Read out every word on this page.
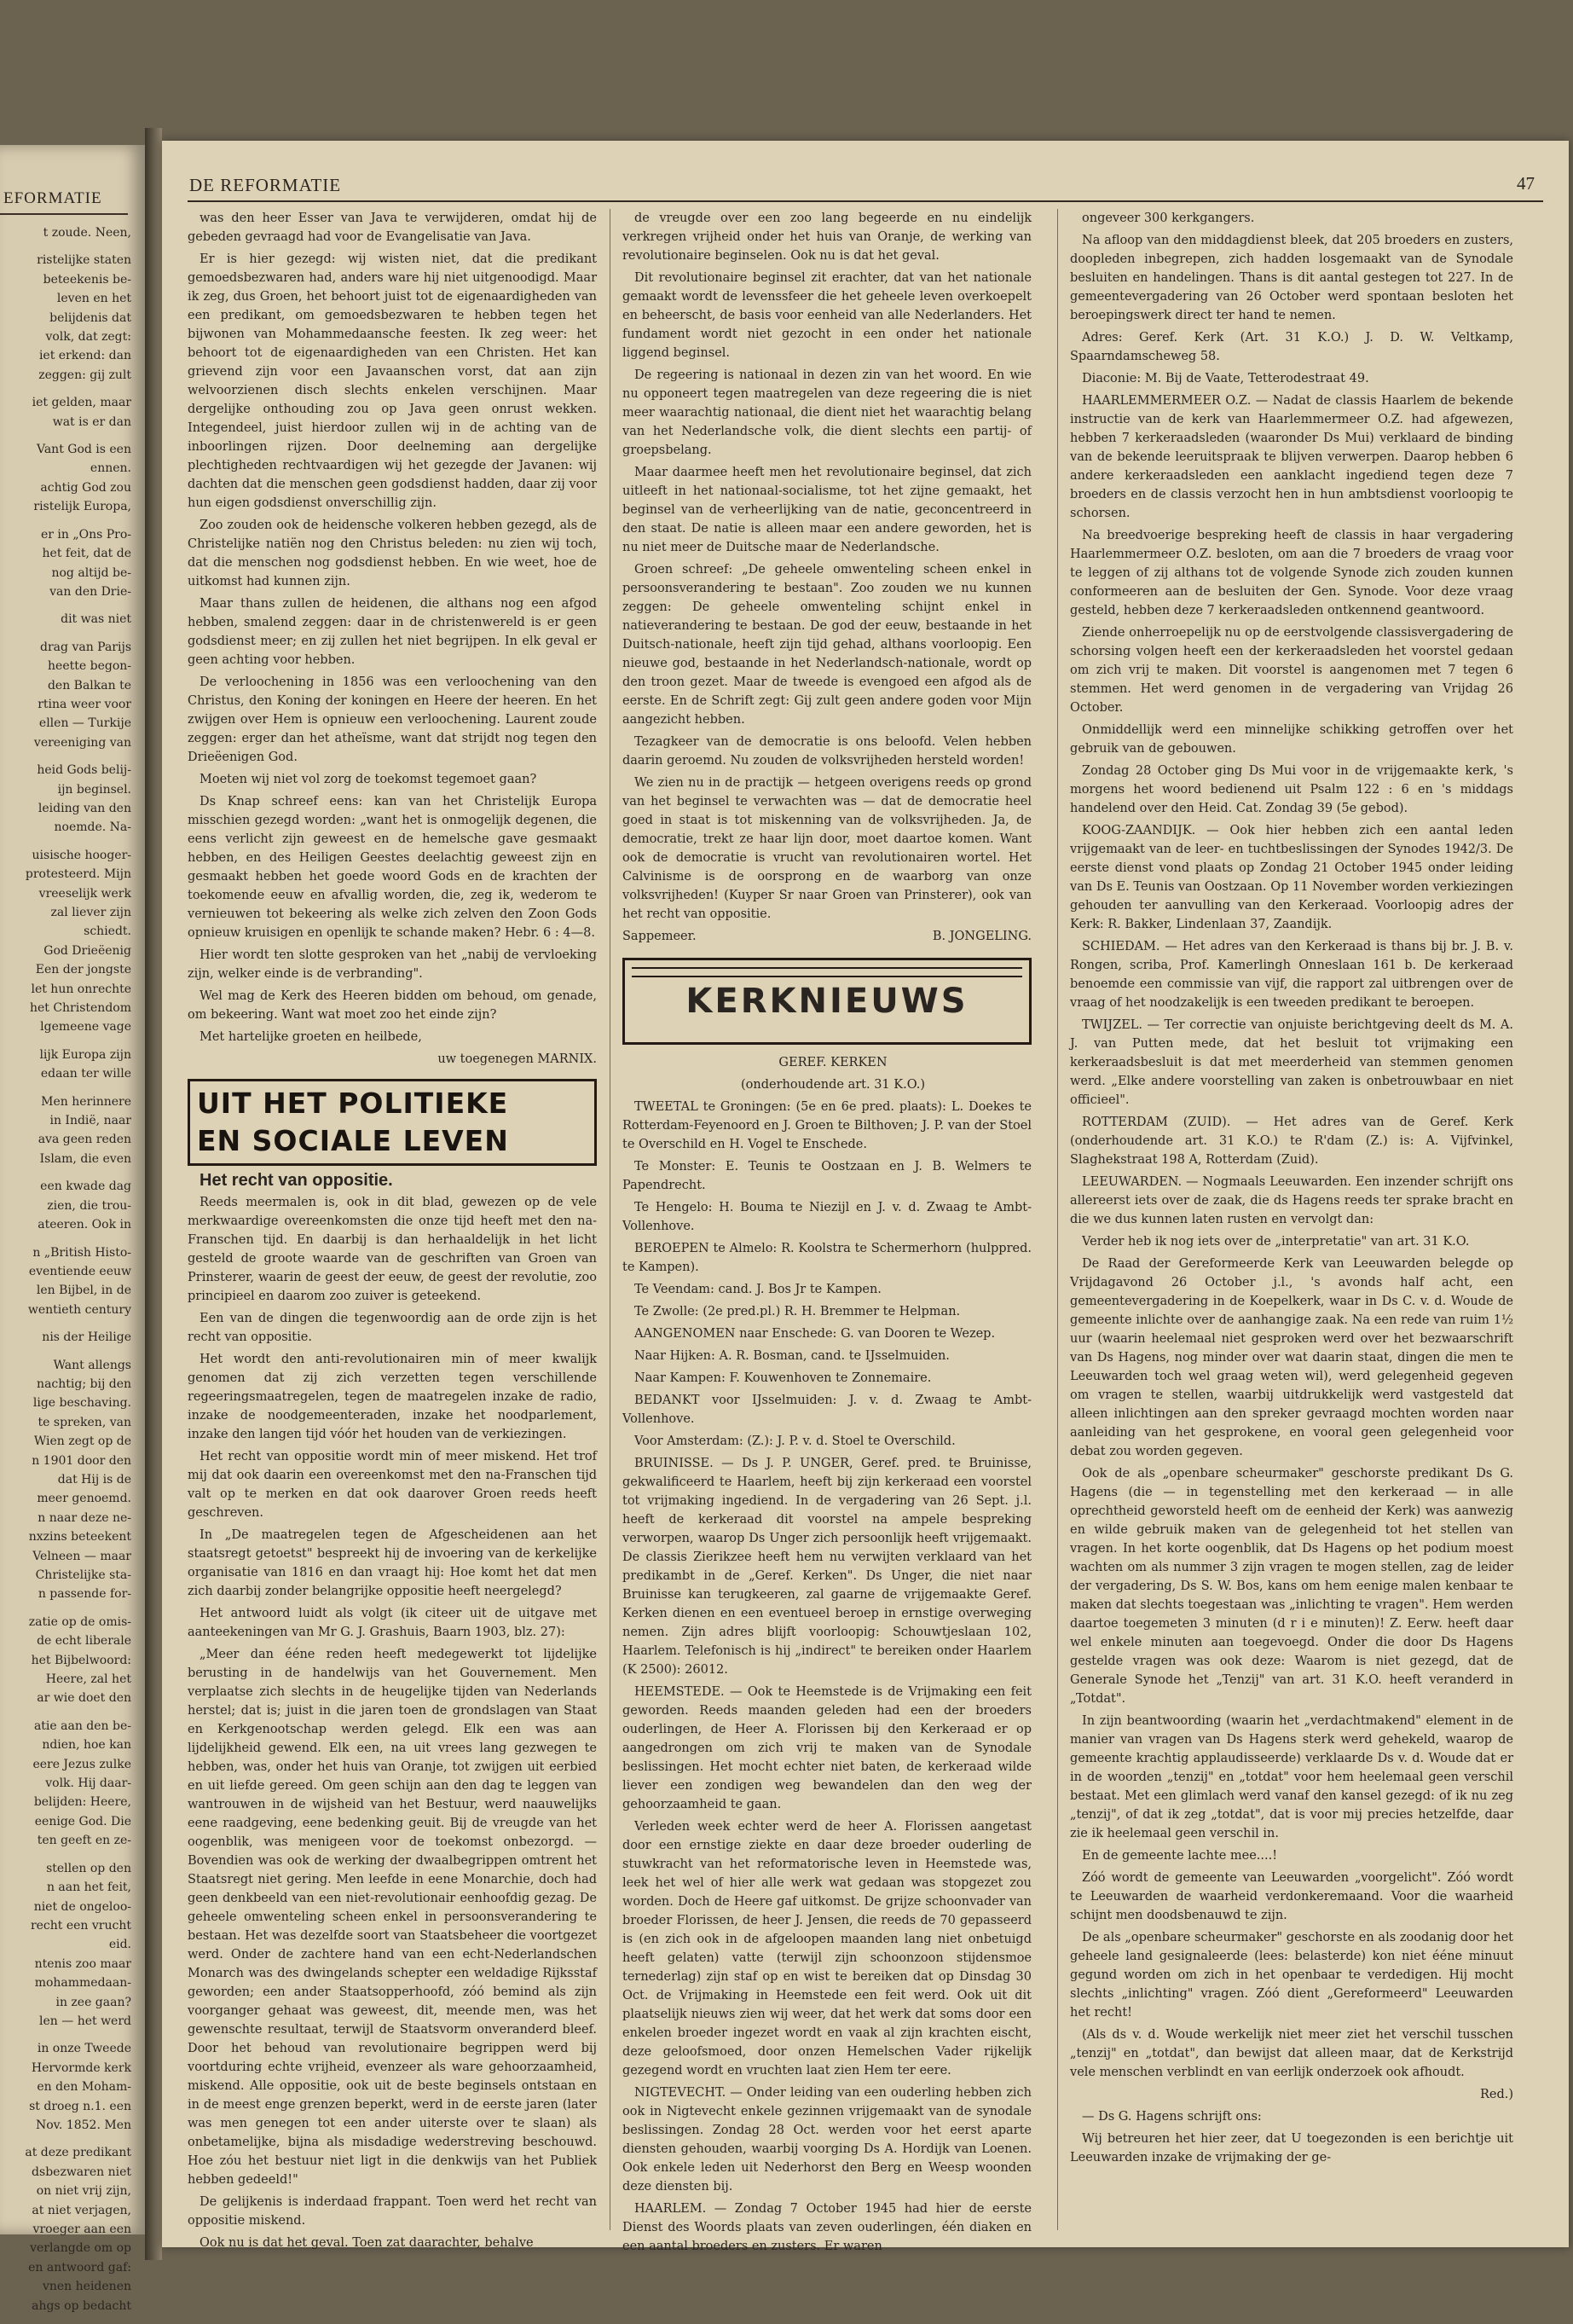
EFORMATIE

t zoude. Neen,

ristelijke staten
beteekenis be-
leven en het
belijdenis dat
volk, dat zegt:
iet erkend: dan
zeggen: gij zult

iet gelden, maar
wat is er dan

Vant God is een
ennen.
achtig God zou
ristelijk Europa,

er in „Ons Pro-
het feit, dat de
nog altijd be-
van den Drie-

dit was niet

drag van Parijs
heette begon-
den Balkan te
rtina weer voor
ellen — Turkije
vereeniging van

heid Gods belij-
ijn beginsel.
leiding van den
noemde. Na-

uisische hooger-
protesteerd. Mijn
vreeselijk werk
zal liever zijn
schiedt.
God Drieëenig
Een der jongste
let hun onrechte
het Christendom
lgemeene vage

lijk Europa zijn
edaan ter wille

Men herinnere
in Indië, naar
ava geen reden
Islam, die even

een kwade dag
zien, die trou-
ateeren. Ook in

n „British Histo-
eventiende eeuw
len Bijbel, in de
wentieth century

nis der Heilige

Want allengs
nachtig; bij den
lige beschaving.
te spreken, van
Wien zegt op de
n 1901 door den
dat Hij is de
meer genoemd.
n naar deze ne-
nxzins beteekent
Velneen — maar
Christelijke sta-
n passende for-

zatie op de omis-
de echt liberale
het Bijbelwoord:
Heere, zal het
ar wie doet den

atie aan den be-
ndien, hoe kan
eere Jezus zulke
volk. Hij daar-
belijden: Heere,
eenige God. Die
ten geeft en ze-

stellen op den
n aan het feit,
niet de ongeloo-
recht een vrucht
eid.
ntenis zoo maar
mohammedaan-
in zee gaan?
len — het werd

in onze Tweede
Hervormde kerk
en den Moham-
st droeg n.1. een
Nov. 1852. Men

at deze predikant
dsbezwaren niet
on niet vrij zijn,
at niet verjagen,
vroeger aan een
verlangde om op
en antwoord gaf:
vnen heidenen
ahgs op bedacht

DE REFORMATIE	47

was den heer Esser van Java te verwijderen, omdat hij de gebeden gevraagd had voor de Evangelisatie van Java.

Er is hier gezegd: wij wisten niet, dat die predikant gemoedsbezwaren had, anders ware hij niet uitgenoodigd. Maar ik zeg, dus Groen, het behoort juist tot de eigenaardigheden van een predikant, om gemoedsbezwaren te hebben tegen het bijwonen van Mohammedaansche feesten. Ik zeg weer: het behoort tot de eigenaardigheden van een Christen. Het kan grievend zijn voor een Javaanschen vorst, dat aan zijn welvoorzienen disch slechts enkelen verschijnen. Maar dergelijke onthouding zou op Java geen onrust wekken. Integendeel, juist hierdoor zullen wij in de achting van de inboorlingen rijzen. Door deelneming aan dergelijke plechtigheden rechtvaardigen wij het gezegde der Javanen: wij dachten dat die menschen geen godsdienst hadden, daar zij voor hun eigen godsdienst onverschillig zijn.

Zoo zouden ook de heidensche volkeren hebben gezegd, als de Christelijke natiën nog den Christus beleden: nu zien wij toch, dat die menschen nog godsdienst hebben. En wie weet, hoe de uitkomst had kunnen zijn.

Maar thans zullen de heidenen, die althans nog een afgod hebben, smalend zeggen: daar in de christenwereld is er geen godsdienst meer; en zij zullen het niet begrijpen. In elk geval er geen achting voor hebben.

De verloochening in 1856 was een verloochening van den Christus, den Koning der koningen en Heere der heeren. En het zwijgen over Hem is opnieuw een verloochening. Laurent zoude zeggen: erger dan het atheïsme, want dat strijdt nog tegen den Drieëenigen God.

Moeten wij niet vol zorg de toekomst tegemoet gaan?

Ds Knap schreef eens: kan van het Christelijk Europa misschien gezegd worden: „want het is onmogelijk degenen, die eens verlicht zijn geweest en de hemelsche gave gesmaakt hebben, en des Heiligen Geestes deelachtig geweest zijn en gesmaakt hebben het goede woord Gods en de krachten der toekomende eeuw en afvallig worden, die, zeg ik, wederom te vernieuwen tot bekeering als welke zich zelven den Zoon Gods opnieuw kruisigen en openlijk te schande maken? Hebr. 6 : 4—8.

Hier wordt ten slotte gesproken van het „nabij de vervloeking zijn, welker einde is de verbranding".

Wel mag de Kerk des Heeren bidden om behoud, om genade, om bekeering. Want wat moet zoo het einde zijn?

Met hartelijke groeten en heilbede,

uw toegenegen MARNIX.

UIT HET POLITIEKE
EN SOCIALE LEVEN

Het recht van oppositie.

Reeds meermalen is, ook in dit blad, gewezen op de vele merkwaardige overeenkomsten die onze tijd heeft met den na-Franschen tijd. En daarbij is dan herhaaldelijk in het licht gesteld de groote waarde van de geschriften van Groen van Prinsterer, waarin de geest der eeuw, de geest der revolutie, zoo principieel en daarom zoo zuiver is geteekend.

Een van de dingen die tegenwoordig aan de orde zijn is het recht van oppositie.

Het wordt den anti-revolutionairen min of meer kwalijk genomen dat zij zich verzetten tegen verschillende regeeringsmaatregelen, tegen de maatregelen inzake de radio, inzake de noodgemeenteraden, inzake het noodparlement, inzake den langen tijd vóór het houden van de verkiezingen.

Het recht van oppositie wordt min of meer miskend. Het trof mij dat ook daarin een overeenkomst met den na-Franschen tijd valt op te merken en dat ook daarover Groen reeds heeft geschreven.

In „De maatregelen tegen de Afgescheidenen aan het staatsregt getoetst" bespreekt hij de invoering van de kerkelijke organisatie van 1816 en dan vraagt hij: Hoe komt het dat men zich daarbij zonder belangrijke oppositie heeft neergelegd?

Het antwoord luidt als volgt (ik citeer uit de uitgave met aanteekeningen van Mr G. J. Grashuis, Baarn 1903, blz. 27):

„Meer dan ééne reden heeft medegewerkt tot lijdelijke berusting in de handelwijs van het Gouvernement. Men verplaatse zich slechts in de heugelijke tijden van Nederlands herstel; dat is; juist in die jaren toen de grondslagen van Staat en Kerkgenootschap werden gelegd. Elk een was aan lijdelijkheid gewend. Elk een, na uit vrees lang gezwegen te hebben, was, onder het huis van Oranje, tot zwijgen uit eerbied en uit liefde gereed. Om geen schijn aan den dag te leggen van wantrouwen in de wijsheid van het Bestuur, werd naauwelijks eene raadgeving, eene bedenking geuit. Bij de vreugde van het oogenblik, was menigeen voor de toekomst onbezorgd. — Bovendien was ook de werking der dwaalbegrippen omtrent het Staatsregt niet gering. Men leefde in eene Monarchie, doch had geen denkbeeld van een niet-revolutionair eenhoofdig gezag. De geheele omwenteling scheen enkel in persoonsverandering te bestaan. Het was dezelfde soort van Staatsbeheer die voortgezet werd. Onder de zachtere hand van een echt-Nederlandschen Monarch was des dwingelands schepter een weldadige Rijksstaf geworden; een ander Staatsopperhoofd, zóó bemind als zijn voorganger gehaat was geweest, dit, meende men, was het gewenschte resultaat, terwijl de Staatsvorm onveranderd bleef. Door het behoud van revolutionaire begrippen werd bij voortduring echte vrijheid, evenzeer als ware gehoorzaamheid, miskend. Alle oppositie, ook uit de beste beginsels ontstaan en in de meest enge grenzen beperkt, werd in de eerste jaren (later was men genegen tot een ander uiterste over te slaan) als onbetamelijke, bijna als misdadige wederstreving beschouwd. Hoe zóu het bestuur niet ligt in die denkwijs van het Publiek hebben gedeeld!"

De gelijkenis is inderdaad frappant. Toen werd het recht van oppositie miskend.

Ook nu is dat het geval. Toen zat daarachter, behalve

de vreugde over een zoo lang begeerde en nu eindelijk verkregen vrijheid onder het huis van Oranje, de werking van revolutionaire beginselen. Ook nu is dat het geval.

Dit revolutionaire beginsel zit erachter, dat van het nationale gemaakt wordt de levenssfeer die het geheele leven overkoepelt en beheerscht, de basis voor eenheid van alle Nederlanders. Het fundament wordt niet gezocht in een onder het nationale liggend beginsel.

De regeering is nationaal in dezen zin van het woord. En wie nu opponeert tegen maatregelen van deze regeering die is niet meer waarachtig nationaal, die dient niet het waarachtig belang van het Nederlandsche volk, die dient slechts een partij- of groepsbelang.

Maar daarmee heeft men het revolutionaire beginsel, dat zich uitleeft in het nationaal-socialisme, tot het zijne gemaakt, het beginsel van de verheerlijking van de natie, geconcentreerd in den staat. De natie is alleen maar een andere geworden, het is nu niet meer de Duitsche maar de Nederlandsche.

Groen schreef: „De geheele omwenteling scheen enkel in persoonsverandering te bestaan". Zoo zouden we nu kunnen zeggen: De geheele omwenteling schijnt enkel in natieverandering te bestaan. De god der eeuw, bestaande in het Duitsch-nationale, heeft zijn tijd gehad, althans voorloopig. Een nieuwe god, bestaande in het Nederlandsch-nationale, wordt op den troon gezet. Maar de tweede is evengoed een afgod als de eerste. En de Schrift zegt: Gij zult geen andere goden voor Mijn aangezicht hebben.

Tezagkeer van de democratie is ons beloofd. Velen hebben daarin geroemd. Nu zouden de volksvrijheden hersteld worden!

We zien nu in de practijk — hetgeen overigens reeds op grond van het beginsel te verwachten was — dat de democratie heel goed in staat is tot miskenning van de volksvrijheden. Ja, de democratie, trekt ze haar lijn door, moet daartoe komen. Want ook de democratie is vrucht van revolutionairen wortel. Het Calvinisme is de oorsprong en de waarborg van onze volksvrijheden! (Kuyper Sr naar Groen van Prinsterer), ook van het recht van oppositie.

Sappemeer.	B. JONGELING.
KERKNIEUWS

GEREF. KERKEN

(onderhoudende art. 31 K.O.)

TWEETAL te Groningen: (5e en 6e pred. plaats): L. Doekes te Rotterdam-Feyenoord en J. Groen te Bilthoven; J. P. van der Stoel te Overschild en H. Vogel te Enschede.

Te Monster: E. Teunis te Oostzaan en J. B. Welmers te Papendrecht.

Te Hengelo: H. Bouma te Niezijl en J. v. d. Zwaag te Ambt-Vollenhove.

BEROEPEN te Almelo: R. Koolstra te Schermerhorn (hulppred. te Kampen).

Te Veendam: cand. J. Bos Jr te Kampen.

Te Zwolle: (2e pred.pl.) R. H. Bremmer te Helpman.

AANGENOMEN naar Enschede: G. van Dooren te Wezep.

Naar Hijken: A. R. Bosman, cand. te IJsselmuiden.

Naar Kampen: F. Kouwenhoven te Zonnemaire.

BEDANKT voor IJsselmuiden: J. v. d. Zwaag te Ambt-Vollenhove.

Voor Amsterdam: (Z.): J. P. v. d. Stoel te Overschild.

BRUINISSE. — Ds J. P. UNGER, Geref. pred. te Bruinisse, gekwalificeerd te Haarlem, heeft bij zijn kerkeraad een voorstel tot vrijmaking ingediend. In de vergadering van 26 Sept. j.l. heeft de kerkeraad dit voorstel na ampele bespreking verworpen, waarop Ds Unger zich persoonlijk heeft vrijgemaakt. De classis Zierikzee heeft hem nu verwijten verklaard van het predikambt in de „Geref. Kerken". Ds Unger, die niet naar Bruinisse kan terugkeeren, zal gaarne de vrijgemaakte Geref. Kerken dienen en een eventueel beroep in ernstige overweging nemen. Zijn adres blijft voorloopig: Schouwtjeslaan 102, Haarlem. Telefonisch is hij „indirect" te bereiken onder Haarlem (K 2500): 26012.

HEEMSTEDE. — Ook te Heemstede is de Vrijmaking een feit geworden. Reeds maanden geleden had een der broeders ouderlingen, de Heer A. Florissen bij den Kerkeraad er op aangedrongen om zich vrij te maken van de Synodale beslissingen. Het mocht echter niet baten, de kerkeraad wilde liever een zondigen weg bewandelen dan den weg der gehoorzaamheid te gaan.

Verleden week echter werd de heer A. Florissen aangetast door een ernstige ziekte en daar deze broeder ouderling de stuwkracht van het reformatorische leven in Heemstede was, leek het wel of hier alle werk wat gedaan was stopgezet zou worden. Doch de Heere gaf uitkomst. De grijze schoonvader van broeder Florissen, de heer J. Jensen, die reeds de 70 gepasseerd is (en zich ook in de afgeloopen maanden lang niet onbetuigd heeft gelaten) vatte (terwijl zijn schoonzoon stijdensmoe ternederlag) zijn staf op en wist te bereiken dat op Dinsdag 30 Oct. de Vrijmaking in Heemstede een feit werd. Ook uit dit plaatselijk nieuws zien wij weer, dat het werk dat soms door een enkelen broeder ingezet wordt en vaak al zijn krachten eischt, deze geloofsmoed, door onzen Hemelschen Vader rijkelijk gezegend wordt en vruchten laat zien Hem ter eere.

NIGTEVECHT. — Onder leiding van een ouderling hebben zich ook in Nigtevecht enkele gezinnen vrijgemaakt van de synodale beslissingen. Zondag 28 Oct. werden voor het eerst aparte diensten gehouden, waarbij voorging Ds A. Hordijk van Loenen. Ook enkele leden uit Nederhorst den Berg en Weesp woonden deze diensten bij.

HAARLEM. — Zondag 7 October 1945 had hier de eerste Dienst des Woords plaats van zeven ouderlingen, één diaken en een aantal broeders en zusters. Er waren

ongeveer 300 kerkgangers.

Na afloop van den middagdienst bleek, dat 205 broeders en zusters, doopleden inbegrepen, zich hadden losgemaakt van de Synodale besluiten en handelingen. Thans is dit aantal gestegen tot 227. In de gemeentevergadering van 26 October werd spontaan besloten het beroepingswerk direct ter hand te nemen.

Adres: Geref. Kerk (Art. 31 K.O.) J. D. W. Veltkamp, Spaarndamscheweg 58.

Diaconie: M. Bij de Vaate, Tetterodestraat 49.

HAARLEMMERMEER O.Z. — Nadat de classis Haarlem de bekende instructie van de kerk van Haarlemmermeer O.Z. had afgewezen, hebben 7 kerkeraadsleden (waaronder Ds Mui) verklaard de binding van de bekende leeruitspraak te blijven verwerpen. Daarop hebben 6 andere kerkeraadsleden een aanklacht ingediend tegen deze 7 broeders en de classis verzocht hen in hun ambtsdienst voorloopig te schorsen.

Na breedvoerige bespreking heeft de classis in haar vergadering Haarlemmermeer O.Z. besloten, om aan die 7 broeders de vraag voor te leggen of zij althans tot de volgende Synode zich zouden kunnen conformeeren aan de besluiten der Gen. Synode. Voor deze vraag gesteld, hebben deze 7 kerkeraadsleden ontkennend geantwoord.

Ziende onherroepelijk nu op de eerstvolgende classisvergadering de schorsing volgen heeft een der kerkeraadsleden het voorstel gedaan om zich vrij te maken. Dit voorstel is aangenomen met 7 tegen 6 stemmen. Het werd genomen in de vergadering van Vrijdag 26 October.

Onmiddellijk werd een minnelijke schikking getroffen over het gebruik van de gebouwen.

Zondag 28 October ging Ds Mui voor in de vrijgemaakte kerk, 's morgens het woord bedienend uit Psalm 122 : 6 en 's middags handelend over den Heid. Cat. Zondag 39 (5e gebod).

KOOG-ZAANDIJK. — Ook hier hebben zich een aantal leden vrijgemaakt van de leer- en tuchtbeslissingen der Synodes 1942/3. De eerste dienst vond plaats op Zondag 21 October 1945 onder leiding van Ds E. Teunis van Oostzaan. Op 11 November worden verkiezingen gehouden ter aanvulling van den Kerkeraad. Voorloopig adres der Kerk: R. Bakker, Lindenlaan 37, Zaandijk.

SCHIEDAM. — Het adres van den Kerkeraad is thans bij br. J. B. v. Rongen, scriba, Prof. Kamerlingh Onneslaan 161 b. De kerkeraad benoemde een commissie van vijf, die rapport zal uitbrengen over de vraag of het noodzakelijk is een tweeden predikant te beroepen.

TWIJZEL. — Ter correctie van onjuiste berichtgeving deelt ds M. A. J. van Putten mede, dat het besluit tot vrijmaking een kerkeraadsbesluit is dat met meerderheid van stemmen genomen werd. „Elke andere voorstelling van zaken is onbetrouwbaar en niet officieel".

ROTTERDAM (ZUID). — Het adres van de Geref. Kerk (onderhoudende art. 31 K.O.) te R'dam (Z.) is: A. Vijfvinkel, Slaghekstraat 198 A, Rotterdam (Zuid).

LEEUWARDEN. — Nogmaals Leeuwarden. Een inzender schrijft ons allereerst iets over de zaak, die ds Hagens reeds ter sprake bracht en die we dus kunnen laten rusten en vervolgt dan:

Verder heb ik nog iets over de „interpretatie" van art. 31 K.O.

De Raad der Gereformeerde Kerk van Leeuwarden belegde op Vrijdagavond 26 October j.l., 's avonds half acht, een gemeentevergadering in de Koepelkerk, waar in Ds C. v. d. Woude de gemeente inlichte over de aanhangige zaak. Na een rede van ruim 1½ uur (waarin heelemaal niet gesproken werd over het bezwaarschrift van Ds Hagens, nog minder over wat daarin staat, dingen die men te Leeuwarden toch wel graag weten wil), werd gelegenheid gegeven om vragen te stellen, waarbij uitdrukkelijk werd vastgesteld dat alleen inlichtingen aan den spreker gevraagd mochten worden naar aanleiding van het gesprokene, en vooral geen gelegenheid voor debat zou worden gegeven.

Ook de als „openbare scheurmaker" geschorste predikant Ds G. Hagens (die — in tegenstelling met den kerkeraad — in alle oprechtheid geworsteld heeft om de eenheid der Kerk) was aanwezig en wilde gebruik maken van de gelegenheid tot het stellen van vragen. In het korte oogenblik, dat Ds Hagens op het podium moest wachten om als nummer 3 zijn vragen te mogen stellen, zag de leider der vergadering, Ds S. W. Bos, kans om hem eenige malen kenbaar te maken dat slechts toegestaan was „inlichting te vragen". Hem werden daartoe toegemeten 3 minuten (d r i e minuten)! Z. Eerw. heeft daar wel enkele minuten aan toegevoegd. Onder die door Ds Hagens gestelde vragen was ook deze: Waarom is niet gezegd, dat de Generale Synode het „Tenzij" van art. 31 K.O. heeft veranderd in „Totdat".

In zijn beantwoording (waarin het „verdachtmakend" element in de manier van vragen van Ds Hagens sterk werd gehekeld, waarop de gemeente krachtig applaudisseerde) verklaarde Ds v. d. Woude dat er in de woorden „tenzij" en „totdat" voor hem heelemaal geen verschil bestaat. Met een glimlach werd vanaf den kansel gezegd: of ik nu zeg „tenzij", of dat ik zeg „totdat", dat is voor mij precies hetzelfde, daar zie ik heelemaal geen verschil in.

En de gemeente lachte mee....!

Zóó wordt de gemeente van Leeuwarden „voorgelicht". Zóó wordt te Leeuwarden de waarheid verdonkeremaand. Voor die waarheid schijnt men doodsbenauwd te zijn.

De als „openbare scheurmaker" geschorste en als zoodanig door het geheele land gesignaleerde (lees: belasterde) kon niet ééne minuut gegund worden om zich in het openbaar te verdedigen. Hij mocht slechts „inlichting" vragen. Zóó dient „Gereformeerd" Leeuwarden het recht!

(Als ds v. d. Woude werkelijk niet meer ziet het verschil tusschen „tenzij" en „totdat", dan bewijst dat alleen maar, dat de Kerkstrijd vele menschen verblindt en van eerlijk onderzoek ook afhoudt.

Red.)

— Ds G. Hagens schrijft ons:

Wij betreuren het hier zeer, dat U toegezonden is een berichtje uit Leeuwarden inzake de vrijmaking der ge-
